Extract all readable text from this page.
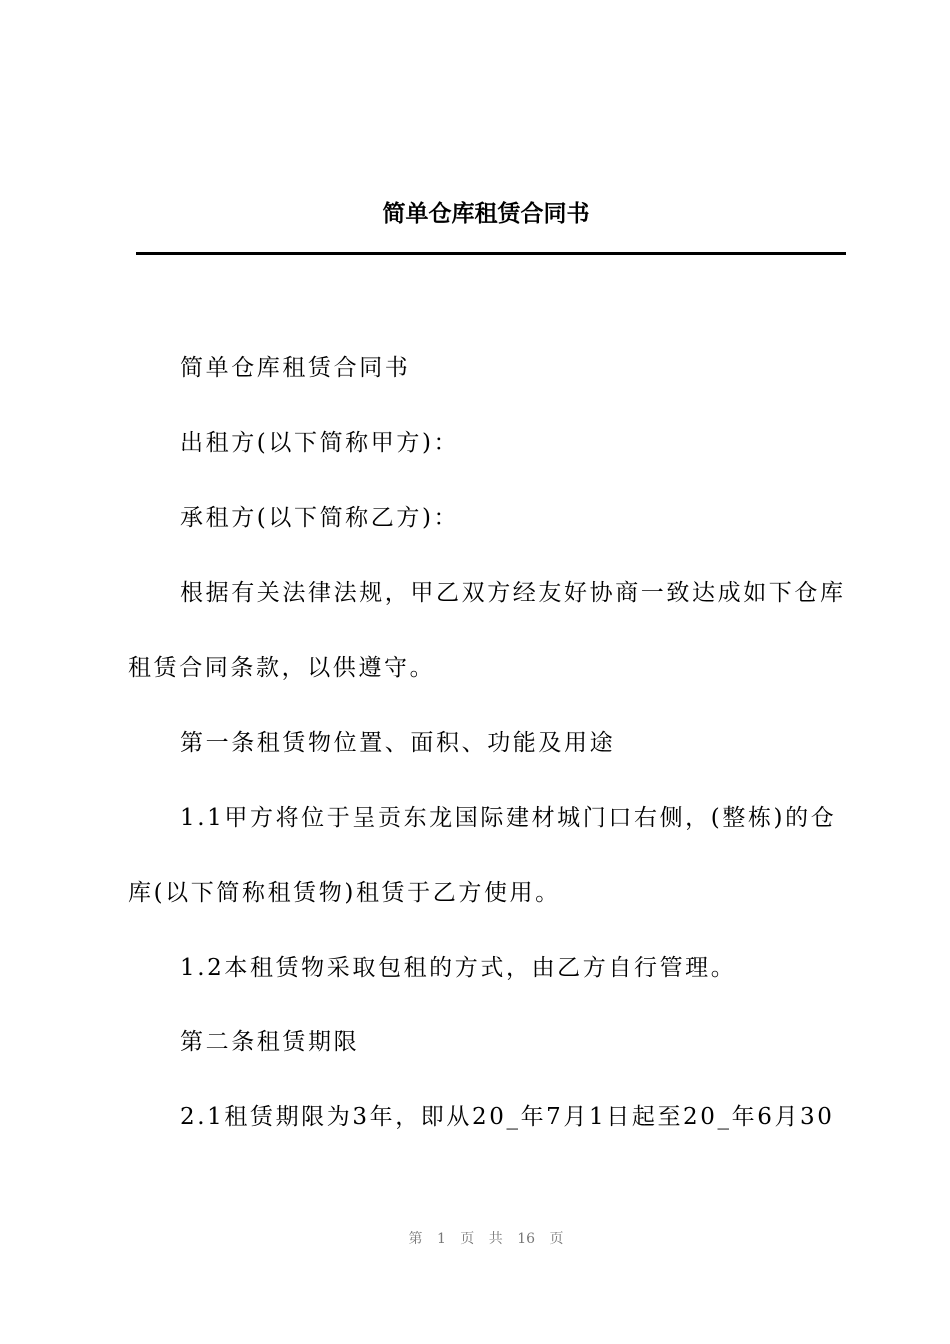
简单仓库租赁合同书
简单仓库租赁合同书
出租方(以下简称甲方)：
承租方(以下简称乙方)：
根据有关法律法规，甲乙双方经友好协商一致达成如下仓库
租赁合同条款，以供遵守。
第一条租赁物位置、面积、功能及用途
1.1甲方将位于呈贡东龙国际建材城门口右侧，(整栋)的仓
库(以下简称租赁物)租赁于乙方使用。
1.2本租赁物采取包租的方式，由乙方自行管理。
第二条租赁期限
2.1租赁期限为3年，即从20_年7月1日起至20_年6月30
第 1 页 共 16 页
